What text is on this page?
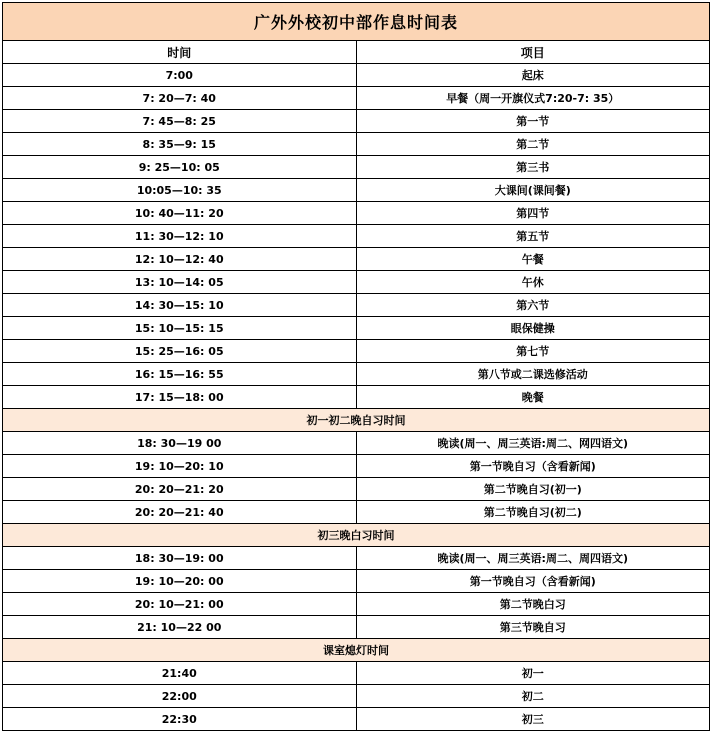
广外外校初中部作息时间表	
时间	项目
7:00	起床
7: 20—7: 40	早餐（周一开旗仪式7:20-7: 35）
7: 45—8: 25	第一节
8: 35—9: 15	第二节
9: 25—10: 05	第三书
10:05—10: 35	大课间(课间餐)
10: 40—11: 20	第四节
11: 30—12: 10	第五节
12: 10—12: 40	午餐
13: 10—14: 05	午休
14: 30—15: 10	第六节
15: 10—15: 15	眼保健操
15: 25—16: 05	第七节
16: 15—16: 55	第八节或二课选修活动
17: 15—18: 00	晚餐
初一初二晚自习时间	
18: 30—19 00	晚读(周一、周三英语:周二、网四语文)
19: 10—20: 10	第一节晚自习（含看新闻)
20: 20—21: 20	第二节晚自习(初一)
20: 20—21: 40	第二节晚自习(初二)
初三晚白习时间	
18: 30—19: 00	晚读(周一、周三英语:周二、周四语文)
19: 10—20: 00	第一节晚自习（含看新闻)
20: 10—21: 00	第二节晚白习
21: 10—22 00	第三节晚自习
课室熄灯时间	
21:40	初一
22:00	初二
22:30	初三
